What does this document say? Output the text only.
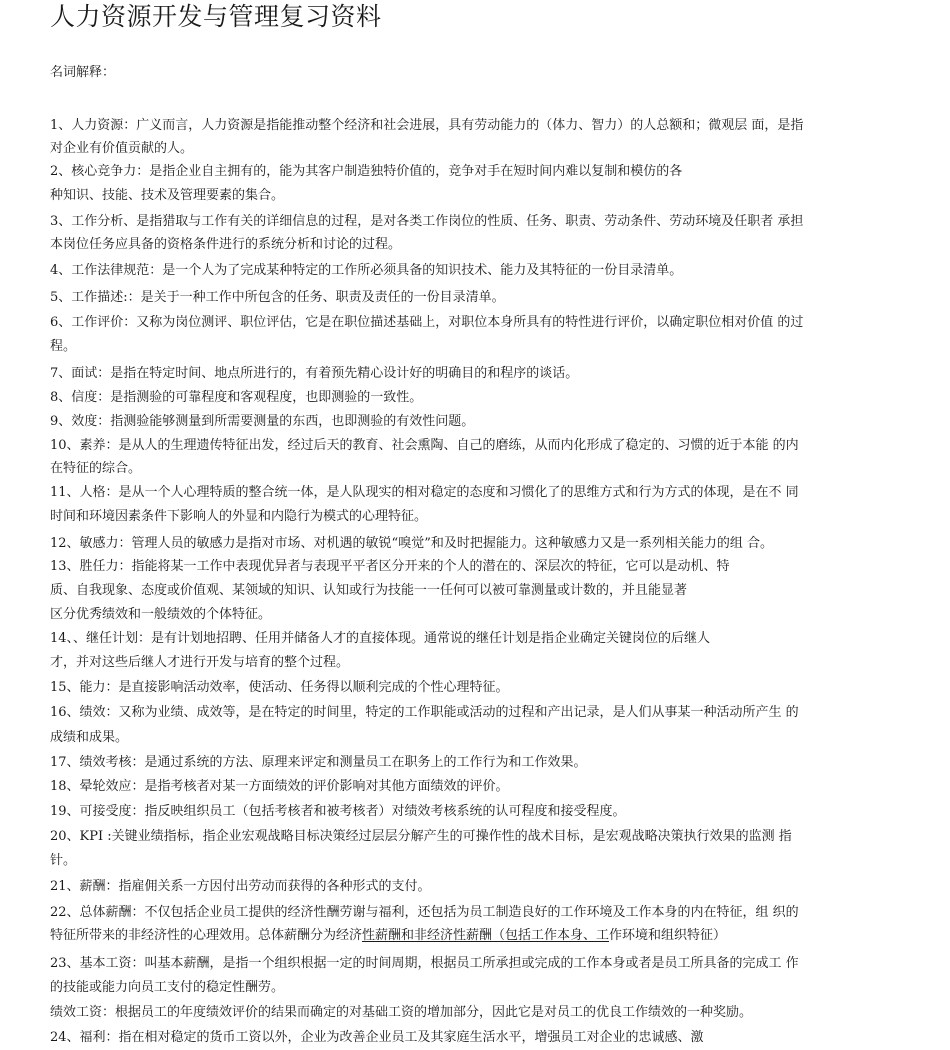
人力资源开发与管理复习资料
名词解释：
1、人力资源：广义而言，人力资源是指能推动整个经济和社会进展，具有劳动能力的（体力、智力）的人总额和；微观层 面，是指
对企业有价值贡献的人。
2、核心竞争力：是指企业自主拥有的，能为其客户制造独特价值的，竞争对手在短时间内难以复制和模仿的各
种知识、技能、技术及管理要素的集合。
3、工作分析、是指猎取与工作有关的详细信息的过程，是对各类工作岗位的性质、任务、职责、劳动条件、劳动环境及任职者 承担
本岗位任务应具备的资格条件进行的系统分析和讨论的过程。
4、工作法律规范：是一个人为了完成某种特定的工作所必须具备的知识技术、能力及其特征的一份目录清单。
5、工作描述:：是关于一种工作中所包含的任务、职责及责任的一份目录清单。
6、工作评价：又称为岗位测评、职位评估，它是在职位描述基础上，对职位本身所具有的特性进行评价，以确定职位相对价值 的过
程。
7、面试：是指在特定时间、地点所进行的，有着预先精心设计好的明确目的和程序的谈话。
8、信度：是指测验的可靠程度和客观程度，也即测验的一致性。
9、效度：指测验能够测量到所需要测量的东西，也即测验的有效性问题。
10、素养：是从人的生理遗传特征出发，经过后天的教育、社会熏陶、自己的磨练，从而内化形成了稳定的、习惯的近于本能 的内
在特征的综合。
11、人格：是从一个人心理特质的整合统一体，是人队现实的相对稳定的态度和习惯化了的思维方式和行为方式的体现，是在不 同
时间和环境因素条件下影响人的外显和内隐行为模式的心理特征。
12、敏感力：管理人员的敏感力是指对市场、对机遇的敏锐“嗅觉”和及时把握能力。这种敏感力又是一系列相关能力的组 合。
13、胜任力：指能将某一工作中表现优异者与表现平平者区分开来的个人的潜在的、深层次的特征，它可以是动机、特
质、自我现象、态度或价值观、某领域的知识、认知或行为技能一一任何可以被可靠测量或计数的，并且能显著
区分优秀绩效和一般绩效的个体特征。
14、、继任计划：是有计划地招聘、任用并储备人才的直接体现。通常说的继任计划是指企业确定关键岗位的后继人
才，并对这些后继人才进行开发与培育的整个过程。
15、能力：是直接影响活动效率，使活动、任务得以顺利完成的个性心理特征。
16、绩效：又称为业绩、成效等，是在特定的时间里，特定的工作职能或活动的过程和产出记录，是人们从事某一种活动所产生 的
成绩和成果。
17、绩效考核：是通过系统的方法、原理来评定和测量员工在职务上的工作行为和工作效果。
18、晕轮效应：是指考核者对某一方面绩效的评价影响对其他方面绩效的评价。
19、可接受度：指反映组织员工（包括考核者和被考核者）对绩效考核系统的认可程度和接受程度。
20、KPI :关键业绩指标，指企业宏观战略目标决策经过层层分解产生的可操作性的战术目标，是宏观战略决策执行效果的监测 指
针。
21、薪酬：指雇佣关系一方因付出劳动而获得的各种形式的支付。
22、总体薪酬：不仅包括企业员工提供的经济性酬劳谢与福利，还包括为员工制造良好的工作环境及工作本身的内在特征，组 织的
特征所带来的非经济性的心理效用。总体薪酬分为经济性薪酬和非经济性薪酬（包括工作本身、工作环境和组织特征）
23、基本工资：叫基本薪酬，是指一个组织根据一定的时间周期，根据员工所承担或完成的工作本身或者是员工所具备的完成工 作
的技能或能力向员工支付的稳定性酬劳。
绩效工资：根据员工的年度绩效评价的结果而确定的对基础工资的增加部分，因此它是对员工的优良工作绩效的一种奖励。
24、福利：指在相对稳定的货币工资以外，企业为改善企业员工及其家庭生活水平，增强员工对企业的忠诚感、激
